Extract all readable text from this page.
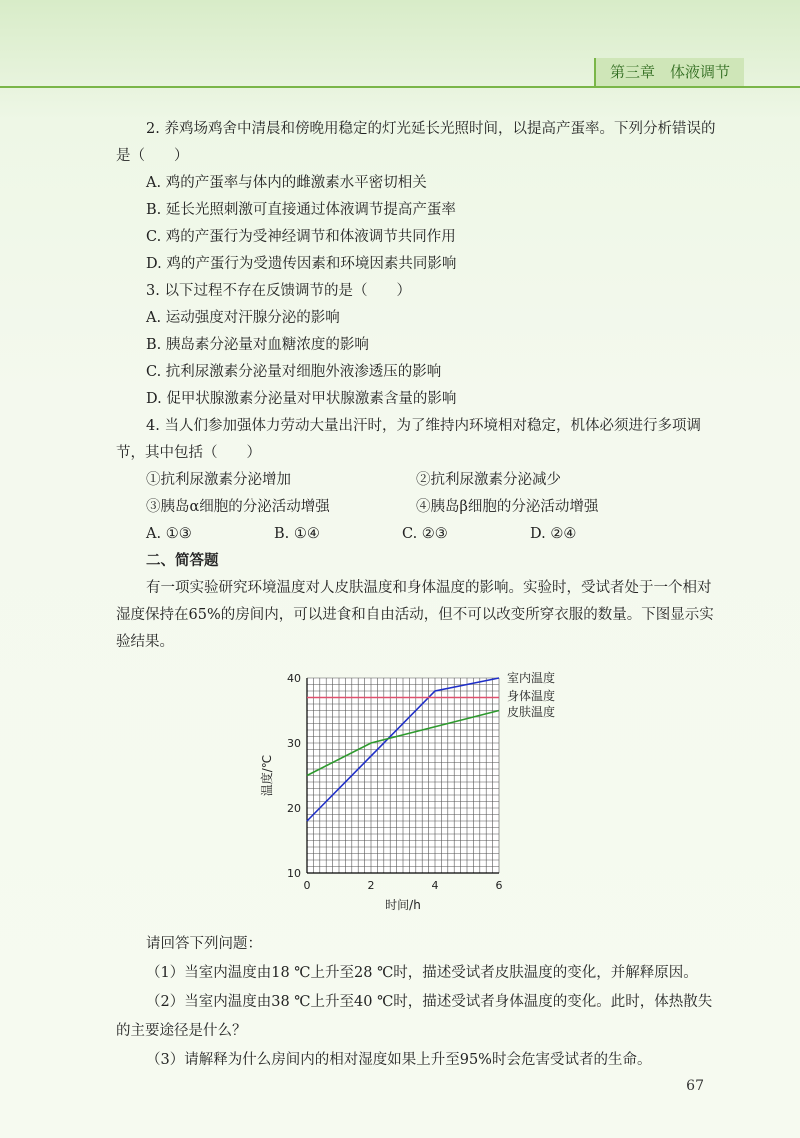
第三章　体液调节

2. 养鸡场鸡舍中清晨和傍晚用稳定的灯光延长光照时间，以提高产蛋率。下列分析错误的是（　　）

A. 鸡的产蛋率与体内的雌激素水平密切相关

B. 延长光照刺激可直接通过体液调节提高产蛋率

C. 鸡的产蛋行为受神经调节和体液调节共同作用

D. 鸡的产蛋行为受遗传因素和环境因素共同影响

3. 以下过程不存在反馈调节的是（　　）

A. 运动强度对汗腺分泌的影响

B. 胰岛素分泌量对血糖浓度的影响

C. 抗利尿激素分泌量对细胞外液渗透压的影响

D. 促甲状腺激素分泌量对甲状腺激素含量的影响

4. 当人们参加强体力劳动大量出汗时，为了维持内环境相对稳定，机体必须进行多项调节，其中包括（　　）

①抗利尿激素分泌增加	②抗利尿激素分泌减少
③胰岛α细胞的分泌活动增强	④胰岛β细胞的分泌活动增强
A. ①③	B. ①④	C. ②③	D. ②④

二、简答题

有一项实验研究环境温度对人皮肤温度和身体温度的影响。实验时，受试者处于一个相对湿度保持在65%的房间内，可以进食和自由活动，但不可以改变所穿衣服的数量。下图显示实验结果。

0	2	4	6
10
20
30
40
时间/h
温度/℃
室内温度
身体温度
皮肤温度

请回答下列问题：

（1）当室内温度由18 ℃上升至28 ℃时，描述受试者皮肤温度的变化，并解释原因。

（2）当室内温度由38 ℃上升至40 ℃时，描述受试者身体温度的变化。此时，体热散失的主要途径是什么？

（3）请解释为什么房间内的相对湿度如果上升至95%时会危害受试者的生命。

67
